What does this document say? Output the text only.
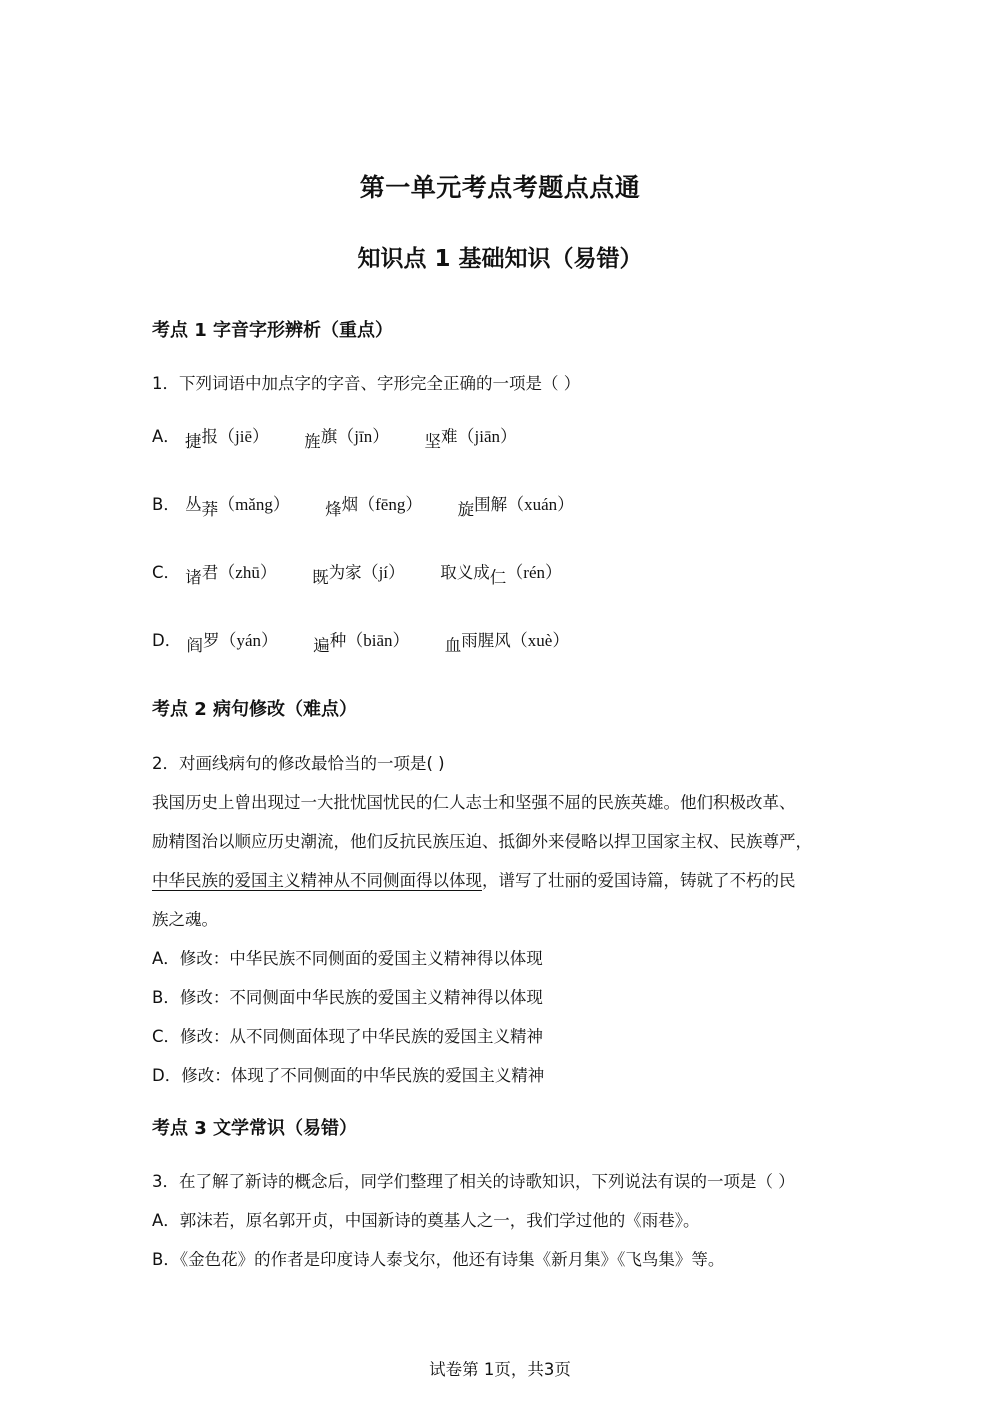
第一单元考点考题点点通
知识点 1 基础知识（易错）
考点 1 字音字形辨析（重点）
1．下列词语中加点字的字音、字形完全正确的一项是（ ）
A． 捷报（jiē） 旌旗（jīn） 坚难（jiān）
B． 丛莽（mǎng） 烽烟（fēng） 旋围解（xuán）
C． 诸君（zhū） 既为家（jí） 取义成仁（rén）
D． 阎罗（yán） 遍种（biān） 血雨腥风（xuè）
考点 2 病句修改（难点）
2．对画线病句的修改最恰当的一项是( )
我国历史上曾出现过一大批忧国忧民的仁人志士和坚强不屈的民族英雄。他们积极改革、
励精图治以顺应历史潮流，他们反抗民族压迫、抵御外来侵略以捍卫国家主权、民族尊严，
中华民族的爱国主义精神从不同侧面得以体现，谱写了壮丽的爱国诗篇，铸就了不朽的民
族之魂。
A．修改：中华民族不同侧面的爱国主义精神得以体现
B．修改：不同侧面中华民族的爱国主义精神得以体现
C．修改：从不同侧面体现了中华民族的爱国主义精神
D．修改：体现了不同侧面的中华民族的爱国主义精神
考点 3 文学常识（易错）
3．在了解了新诗的概念后，同学们整理了相关的诗歌知识，下列说法有误的一项是（ ）
A．郭沫若，原名郭开贞，中国新诗的奠基人之一，我们学过他的《雨巷》。
B．《金色花》的作者是印度诗人泰戈尔，他还有诗集《新月集》《飞鸟集》等。
试卷第 1页，共3页
